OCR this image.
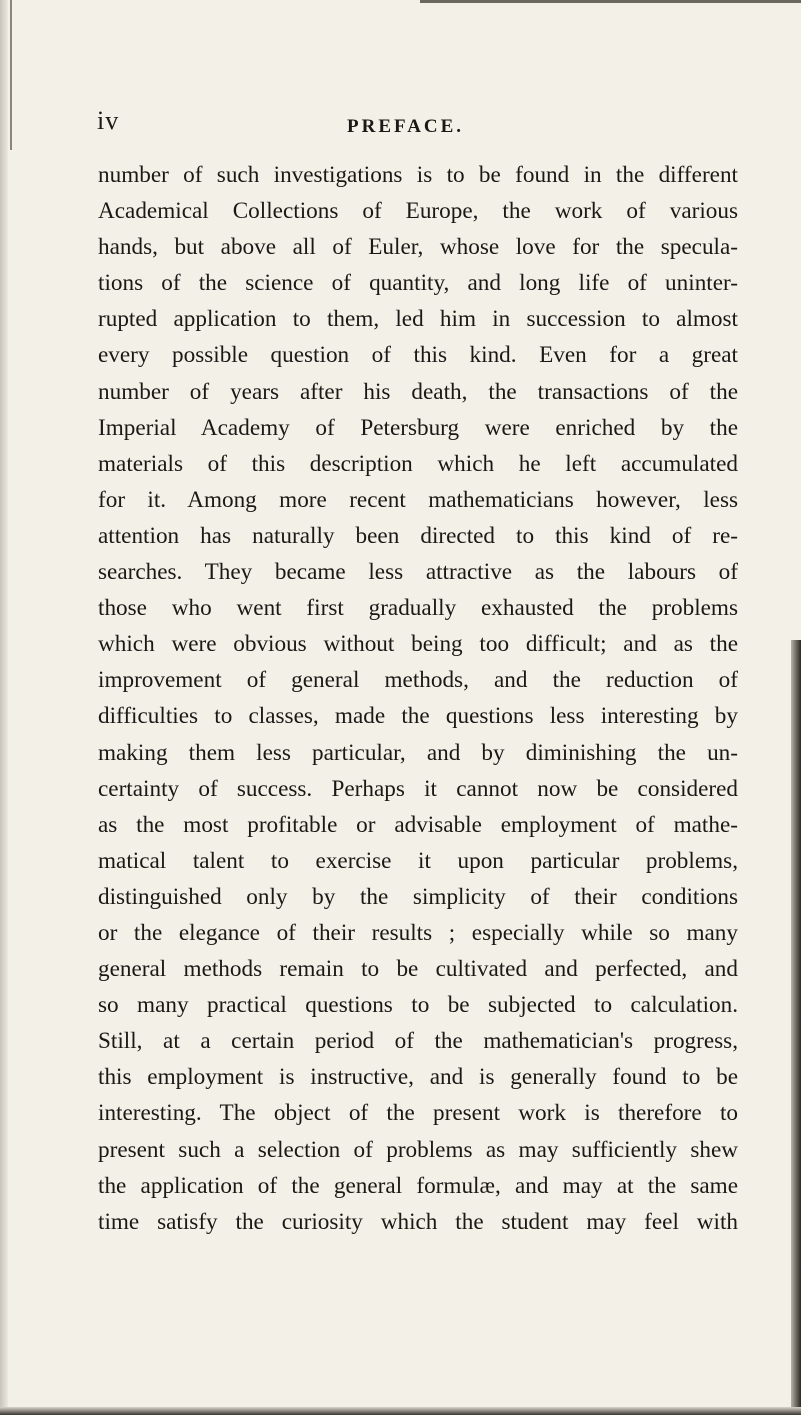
iv	PREFACE.
number of such investigations is to be found in the different
Academical Collections of Europe, the work of various
hands, but above all of Euler, whose love for the specula-
tions of the science of quantity, and long life of uninter-
rupted application to them, led him in succession to almost
every possible question of this kind. Even for a great
number of years after his death, the transactions of the
Imperial Academy of Petersburg were enriched by the
materials of this description which he left accumulated
for it. Among more recent mathematicians however, less
attention has naturally been directed to this kind of re-
searches. They became less attractive as the labours of
those who went first gradually exhausted the problems
which were obvious without being too difficult; and as the
improvement of general methods, and the reduction of
difficulties to classes, made the questions less interesting by
making them less particular, and by diminishing the un-
certainty of success. Perhaps it cannot now be considered
as the most profitable or advisable employment of mathe-
matical talent to exercise it upon particular problems,
distinguished only by the simplicity of their conditions
or the elegance of their results ; especially while so many
general methods remain to be cultivated and perfected, and
so many practical questions to be subjected to calculation.
Still, at a certain period of the mathematician's progress,
this employment is instructive, and is generally found to be
interesting. The object of the present work is therefore to
present such a selection of problems as may sufficiently shew
the application of the general formulæ, and may at the same
time satisfy the curiosity which the student may feel with
